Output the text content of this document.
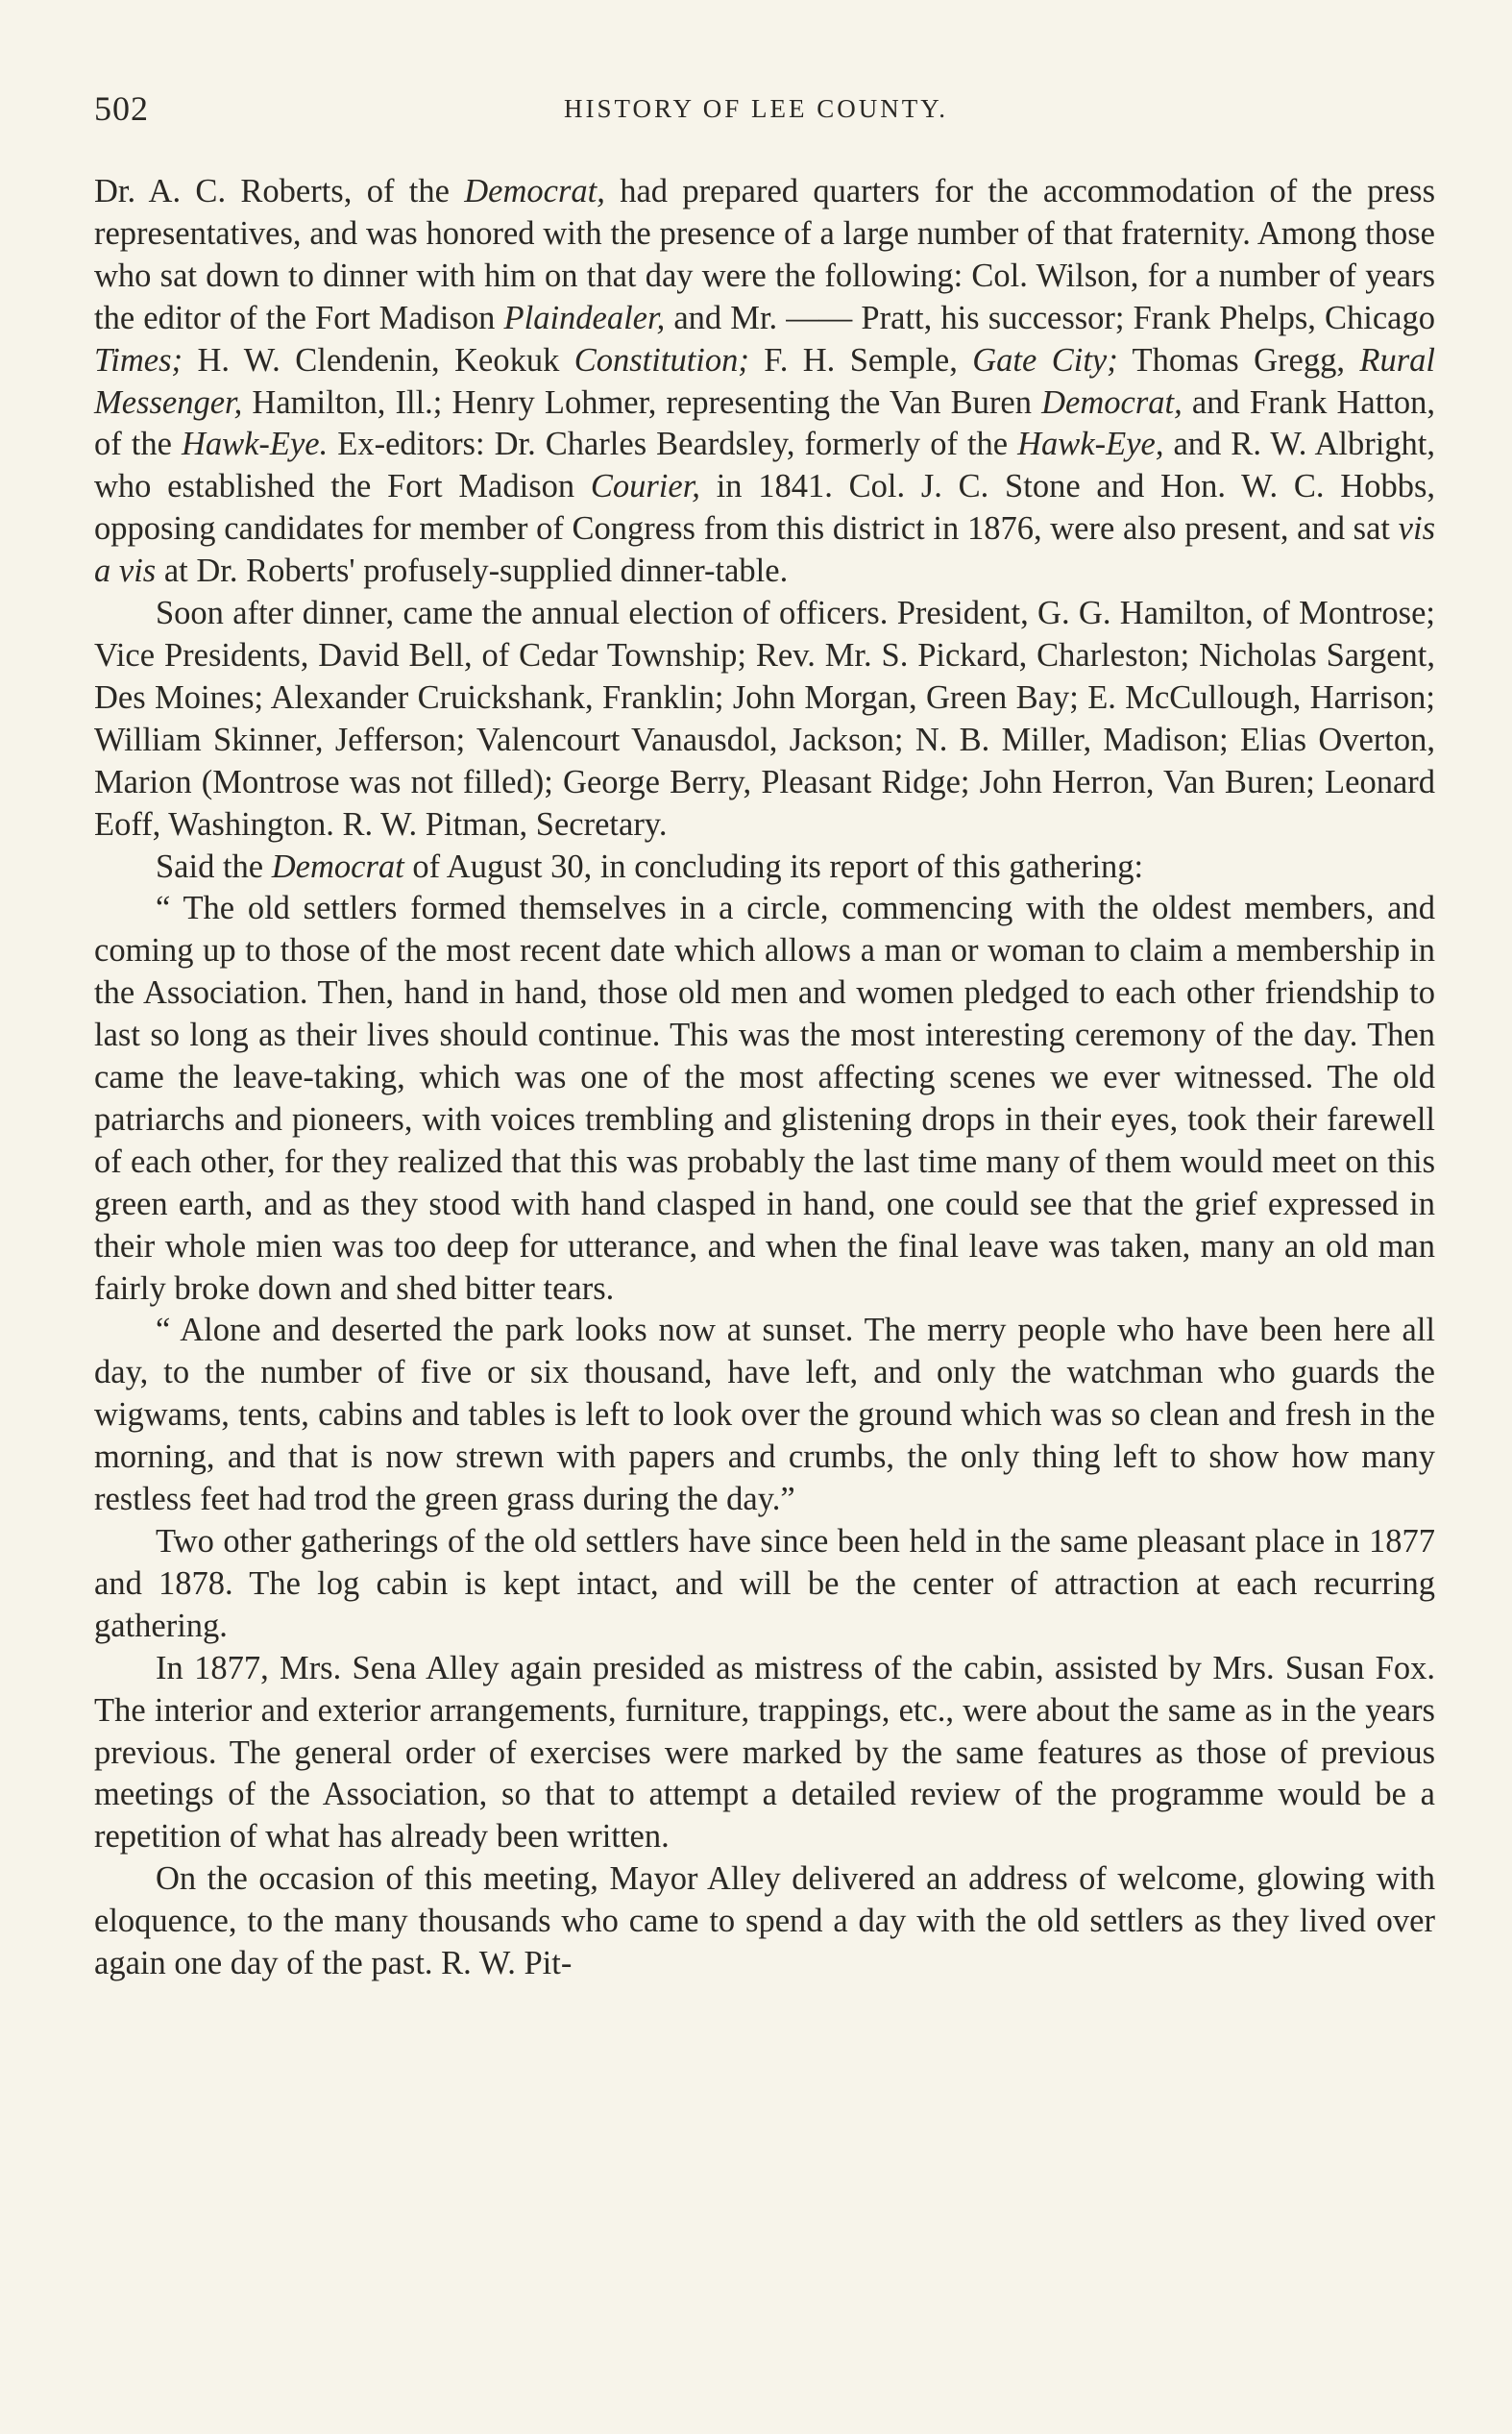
502	HISTORY OF LEE COUNTY.

Dr. A. C. Roberts, of the Democrat, had prepared quarters for the accommodation of the press representatives, and was honored with the presence of a large number of that fraternity. Among those who sat down to dinner with him on that day were the following: Col. Wilson, for a number of years the editor of the Fort Madison Plaindealer, and Mr. —— Pratt, his successor; Frank Phelps, Chicago Times; H. W. Clendenin, Keokuk Constitution; F. H. Semple, Gate City; Thomas Gregg, Rural Messenger, Hamilton, Ill.; Henry Lohmer, representing the Van Buren Democrat, and Frank Hatton, of the Hawk-Eye. Ex-editors: Dr. Charles Beardsley, formerly of the Hawk-Eye, and R. W. Albright, who established the Fort Madison Courier, in 1841. Col. J. C. Stone and Hon. W. C. Hobbs, opposing candidates for member of Congress from this district in 1876, were also present, and sat vis a vis at Dr. Roberts' profusely-supplied dinner-table.

Soon after dinner, came the annual election of officers. President, G. G. Hamilton, of Montrose; Vice Presidents, David Bell, of Cedar Township; Rev. Mr. S. Pickard, Charleston; Nicholas Sargent, Des Moines; Alexander Cruickshank, Franklin; John Morgan, Green Bay; E. McCullough, Harrison; William Skinner, Jefferson; Valencourt Vanausdol, Jackson; N. B. Miller, Madison; Elias Overton, Marion (Montrose was not filled); George Berry, Pleasant Ridge; John Herron, Van Buren; Leonard Eoff, Washington. R. W. Pitman, Secretary.

Said the Democrat of August 30, in concluding its report of this gathering:

“ The old settlers formed themselves in a circle, commencing with the oldest members, and coming up to those of the most recent date which allows a man or woman to claim a membership in the Association. Then, hand in hand, those old men and women pledged to each other friendship to last so long as their lives should continue. This was the most interesting ceremony of the day. Then came the leave-taking, which was one of the most affecting scenes we ever witnessed. The old patriarchs and pioneers, with voices trembling and glistening drops in their eyes, took their farewell of each other, for they realized that this was probably the last time many of them would meet on this green earth, and as they stood with hand clasped in hand, one could see that the grief expressed in their whole mien was too deep for utterance, and when the final leave was taken, many an old man fairly broke down and shed bitter tears.

“ Alone and deserted the park looks now at sunset. The merry people who have been here all day, to the number of five or six thousand, have left, and only the watchman who guards the wigwams, tents, cabins and tables is left to look over the ground which was so clean and fresh in the morning, and that is now strewn with papers and crumbs, the only thing left to show how many restless feet had trod the green grass during the day.”

Two other gatherings of the old settlers have since been held in the same pleasant place in 1877 and 1878. The log cabin is kept intact, and will be the center of attraction at each recurring gathering.

In 1877, Mrs. Sena Alley again presided as mistress of the cabin, assisted by Mrs. Susan Fox. The interior and exterior arrangements, furniture, trappings, etc., were about the same as in the years previous. The general order of exercises were marked by the same features as those of previous meetings of the Association, so that to attempt a detailed review of the programme would be a repetition of what has already been written.

On the occasion of this meeting, Mayor Alley delivered an address of welcome, glowing with eloquence, to the many thousands who came to spend a day with the old settlers as they lived over again one day of the past. R. W. Pit-
